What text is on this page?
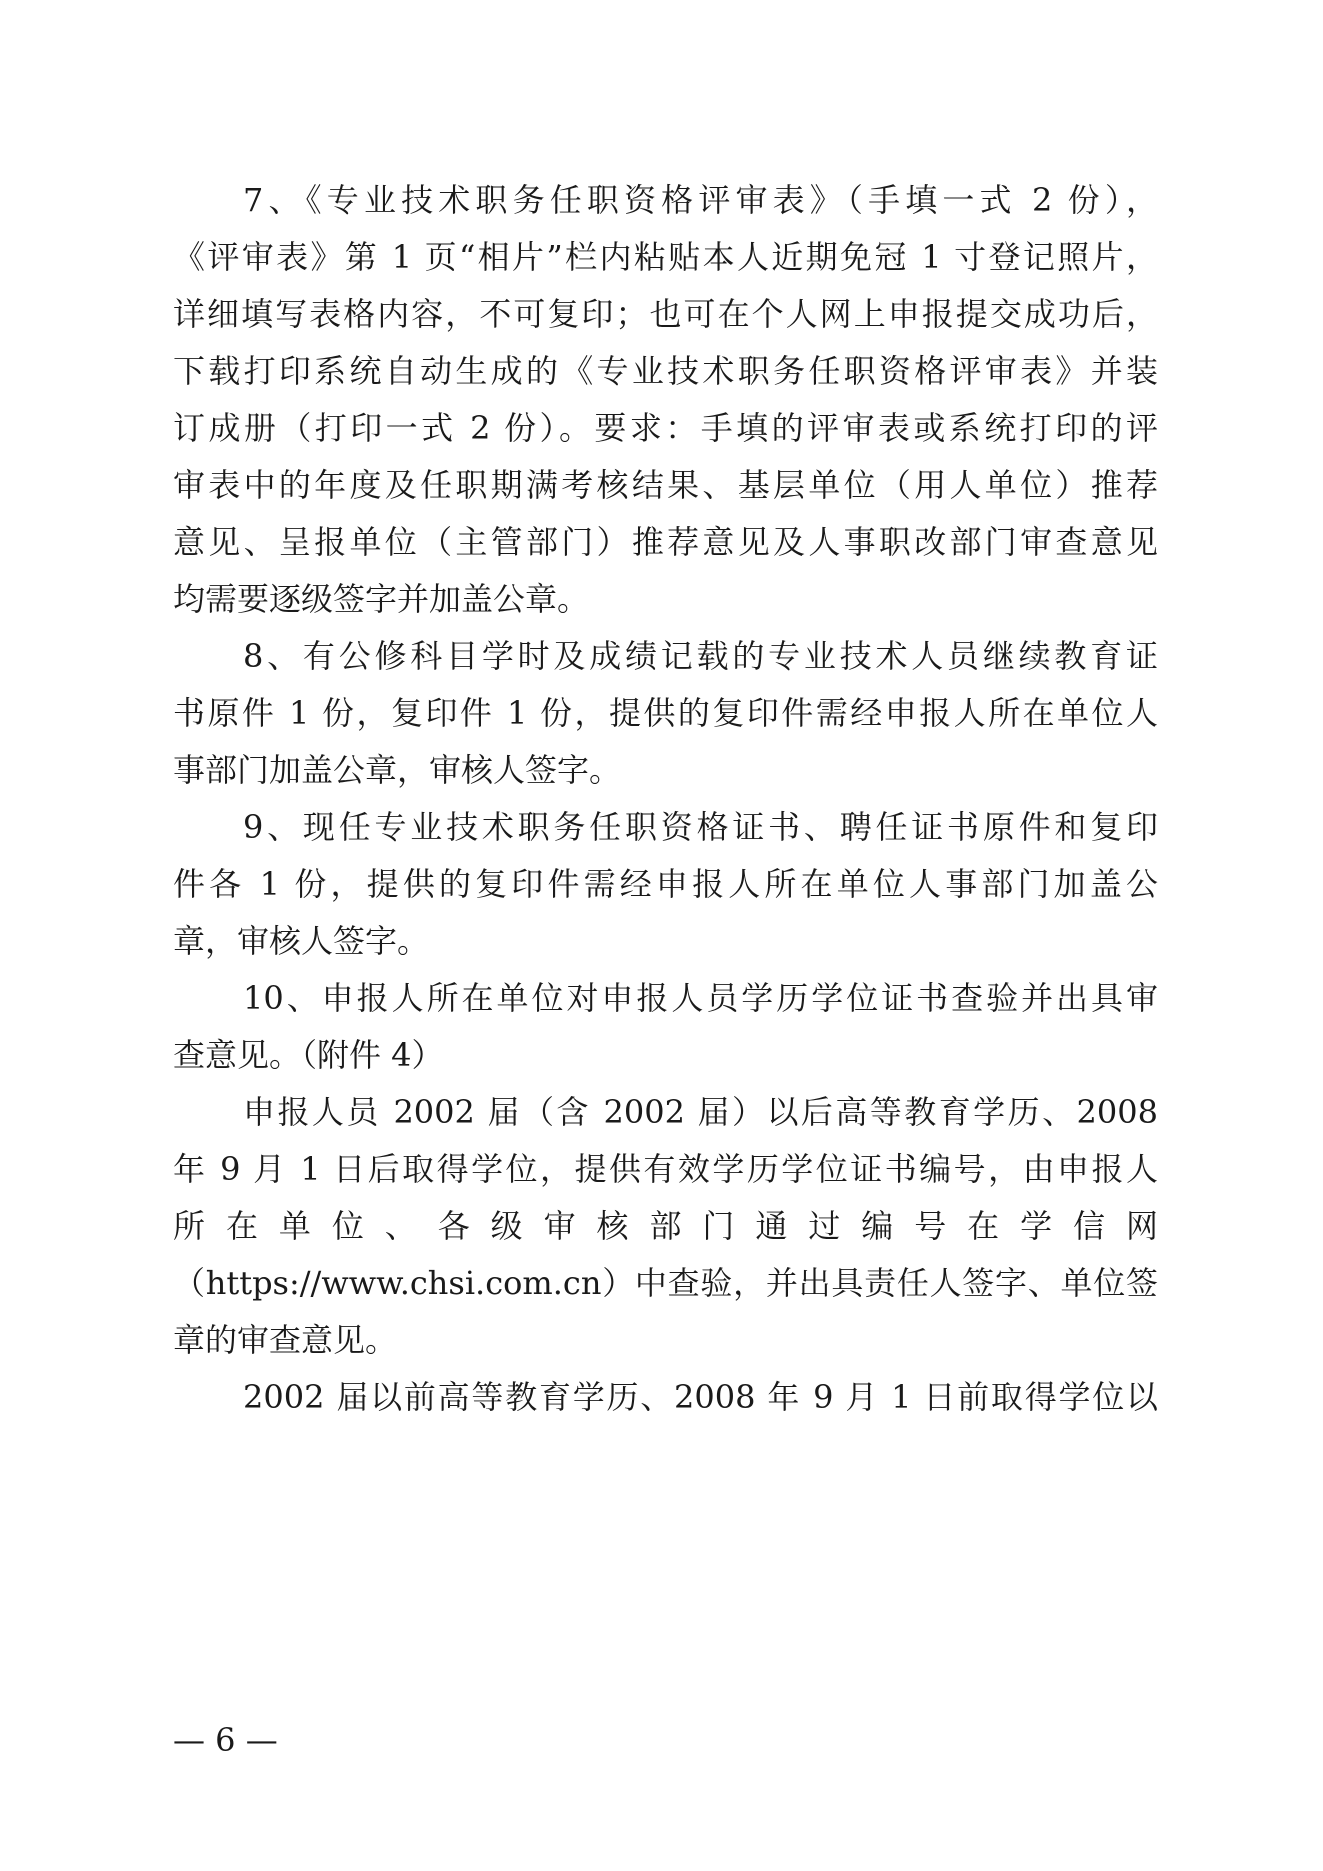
7、《专业技术职务任职资格评审表》（手填一式 2 份），
《评审表》第 1 页“相片”栏内粘贴本人近期免冠 1 寸登记照片，
详细填写表格内容，不可复印；也可在个人网上申报提交成功后，
下载打印系统自动生成的《专业技术职务任职资格评审表》并装
订成册（打印一式 2 份）。要求：手填的评审表或系统打印的评
审表中的年度及任职期满考核结果、基层单位（用人单位）推荐
意见、呈报单位（主管部门）推荐意见及人事职改部门审查意见
均需要逐级签字并加盖公章。
8、有公修科目学时及成绩记载的专业技术人员继续教育证
书原件 1 份，复印件 1 份，提供的复印件需经申报人所在单位人
事部门加盖公章，审核人签字。
9、现任专业技术职务任职资格证书、聘任证书原件和复印
件各 1 份，提供的复印件需经申报人所在单位人事部门加盖公
章，审核人签字。
10、申报人所在单位对申报人员学历学位证书查验并出具审
查意见。（附件 4）
申报人员 2002 届（含 2002 届）以后高等教育学历、2008
年 9 月 1 日后取得学位，提供有效学历学位证书编号，由申报人
所在单位、各级审核部门通过编号在学信网
（https://www.chsi.com.cn）中查验，并出具责任人签字、单位签
章的审查意见。
2002 届以前高等教育学历、2008 年 9 月 1 日前取得学位以
— 6 —
